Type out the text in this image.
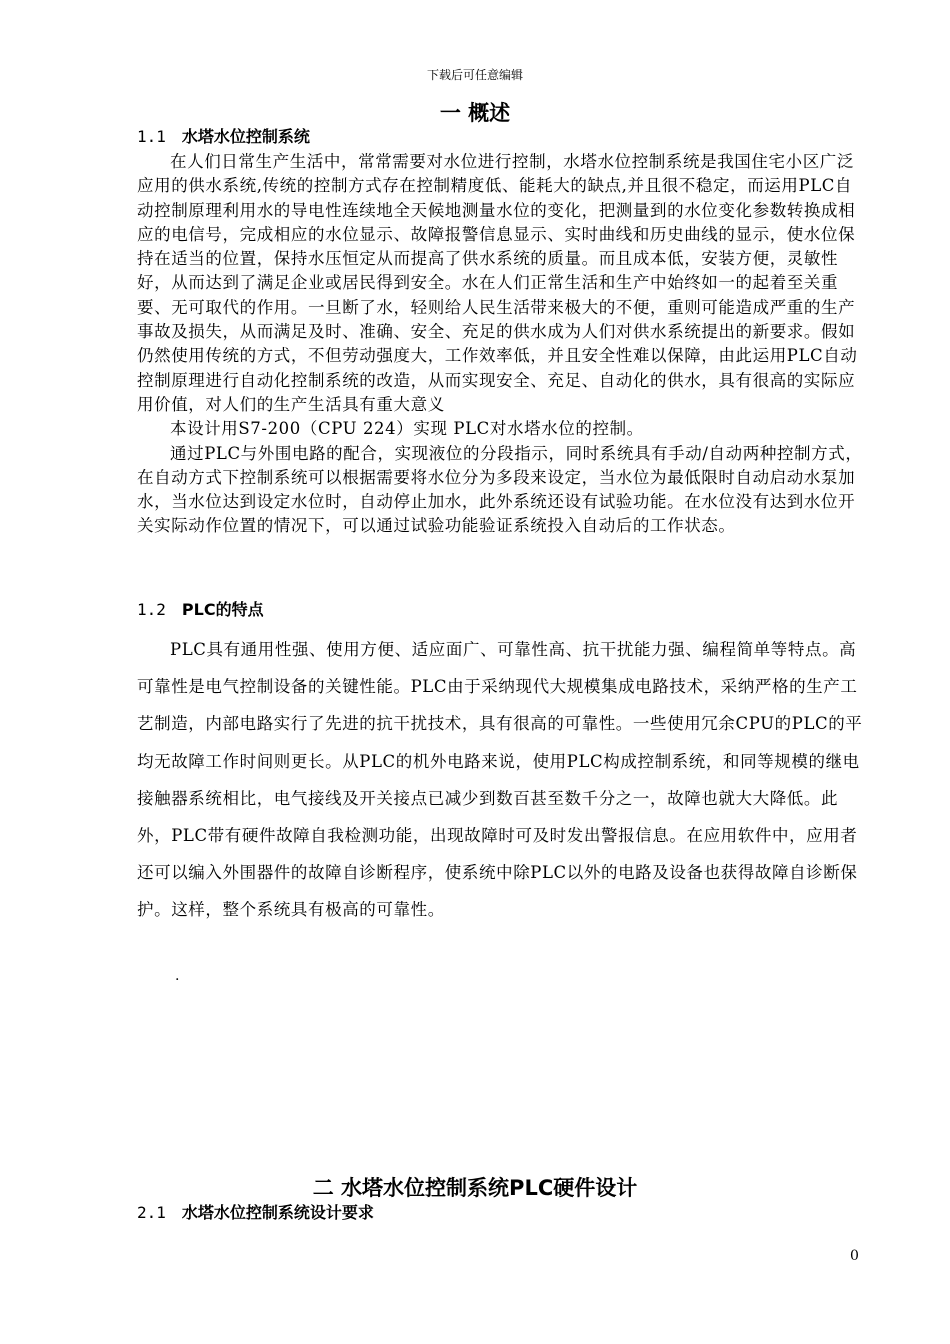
下载后可任意编辑
一 概述
1.1 水塔水位控制系统

在人们日常生产生活中，常常需要对水位进行控制，水塔水位控制系统是我国住宅小区广泛应用的供水系统,传统的控制方式存在控制精度低、能耗大的缺点,并且很不稳定，而运用PLC自动控制原理利用水的导电性连续地全天候地测量水位的变化，把测量到的水位变化参数转换成相应的电信号，完成相应的水位显示、故障报警信息显示、实时曲线和历史曲线的显示，使水位保持在适当的位置，保持水压恒定从而提高了供水系统的质量。而且成本低，安装方便，灵敏性好，从而达到了满足企业或居民得到安全。水在人们正常生活和生产中始终如一的起着至关重要、无可取代的作用。一旦断了水，轻则给人民生活带来极大的不便，重则可能造成严重的生产事故及损失，从而满足及时、准确、安全、充足的供水成为人们对供水系统提出的新要求。假如仍然使用传统的方式，不但劳动强度大，工作效率低，并且安全性难以保障，由此运用PLC自动控制原理进行自动化控制系统的改造，从而实现安全、充足、自动化的供水，具有很高的实际应用价值，对人们的生产生活具有重大意义

本设计用S7-200（CPU 224）实现 PLC对水塔水位的控制。

通过PLC与外围电路的配合，实现液位的分段指示，同时系统具有手动/自动两种控制方式，在自动方式下控制系统可以根据需要将水位分为多段来设定，当水位为最低限时自动启动水泵加水，当水位达到设定水位时，自动停止加水，此外系统还设有试验功能。在水位没有达到水位开关实际动作位置的情况下，可以通过试验功能验证系统投入自动后的工作状态。

1.2 PLC的特点

PLC具有通用性强、使用方便、适应面广、可靠性高、抗干扰能力强、编程简单等特点。高可靠性是电气控制设备的关键性能。PLC由于采纳现代大规模集成电路技术，采纳严格的生产工艺制造，内部电路实行了先进的抗干扰技术，具有很高的可靠性。一些使用冗余CPU的PLC的平均无故障工作时间则更长。从PLC的机外电路来说，使用PLC构成控制系统，和同等规模的继电接触器系统相比，电气接线及开关接点已减少到数百甚至数千分之一，故障也就大大降低。此外，PLC带有硬件故障自我检测功能，出现故障时可及时发出警报信息。在应用软件中，应用者还可以编入外围器件的故障自诊断程序，使系统中除PLC以外的电路及设备也获得故障自诊断保护。这样，整个系统具有极高的可靠性。

.
二 水塔水位控制系统PLC硬件设计
2.1 水塔水位控制系统设计要求
0
